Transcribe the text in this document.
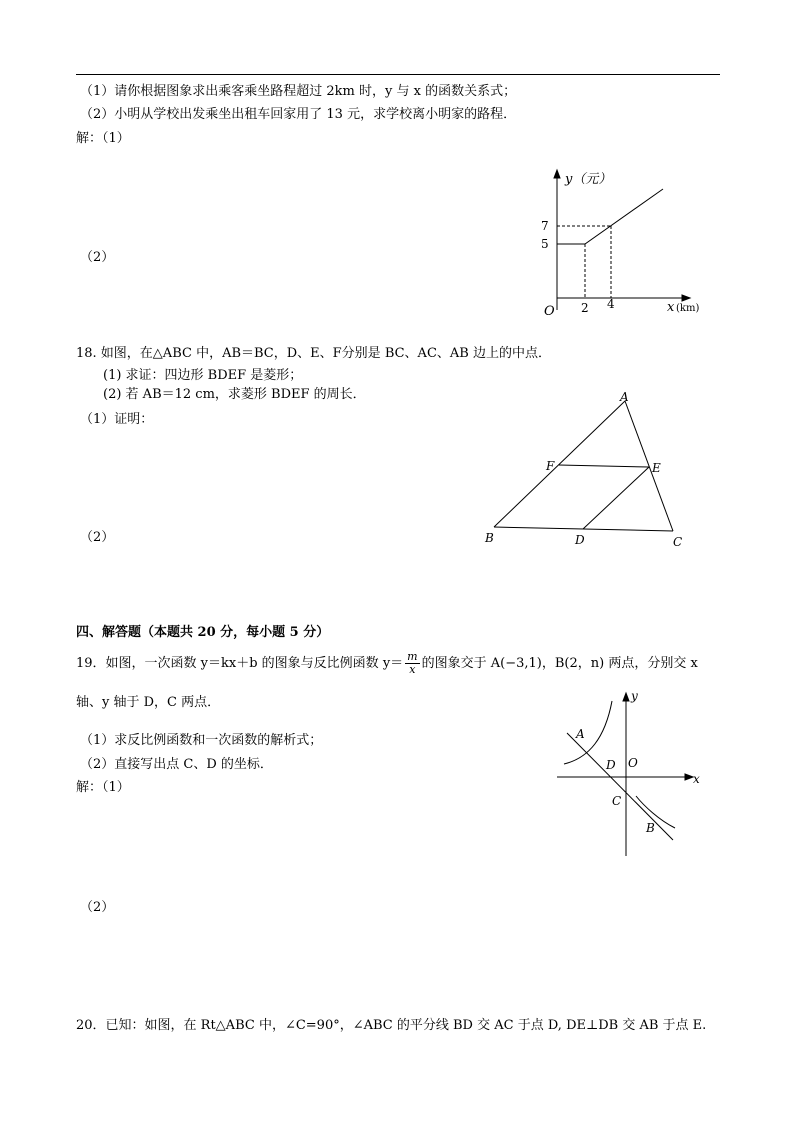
（1）请你根据图象求出乘客乘坐路程超过 2km 时，y 与 x 的函数关系式；
（2）小明从学校出发乘坐出租车回家用了 13 元，求学校离小明家的路程．
解：（1）
（2）
y（元）
7
5
2 4
O	x (km)
18. 如图，在△ABC 中，AB＝BC，D、E、F分别是 BC、AC、AB 边上的中点．
(1) 求证：四边形 BDEF 是菱形；
(2) 若 AB＝12 cm，求菱形 BDEF 的周长．
（1）证明：
（2）
A
B	C
D
E
F
四、解答题（本题共 20 分，每小题 5 分）
19．如图，一次函数 y＝kx＋b 的图象与反比例函数 $y= \frac{m}{x}$ 的图象交于 A(−3,1)，B(2，n) 两点，分别交 x
轴、y 轴于 D，C 两点．
（1）求反比例函数和一次函数的解析式；
（2）直接写出点 C、D 的坐标．
解：（1）
（2）
y
x
O
A
D
C
B
20．已知：如图，在 Rt△ABC 中，∠C=90°，∠ABC 的平分线 BD 交 AC 于点 D, DE⊥DB 交 AB 于点 E.
